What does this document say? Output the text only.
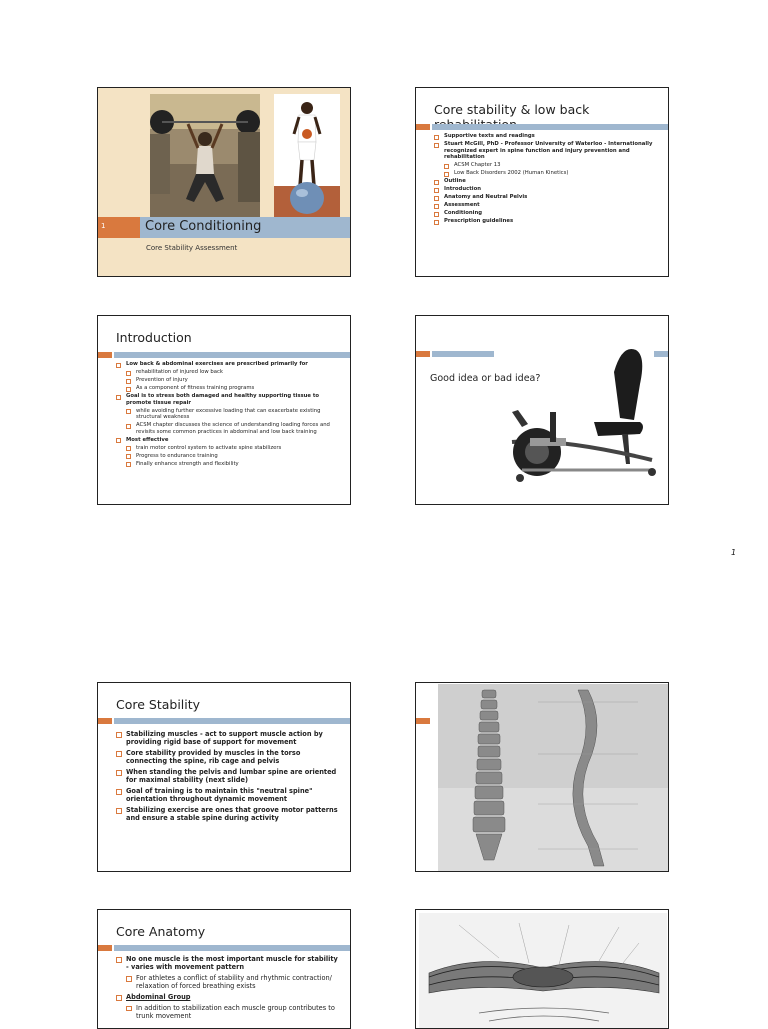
1	Core Conditioning
Core Stability Assessment
Core stability & low back
Supportive texts and readings
Stuart McGill, PhD - Professor University of Waterloo - Internationally recognized expert in spine function and injury prevention and rehabilitation
ACSM Chapter 13
Low Back Disorders 2002 (Human Kinetics)
Outline
Introduction
Anatomy and Neutral Pelvis
Assessment
Conditioning
Prescription guidelines
Introduction
Low back & abdominal exercises are prescribed primarily for
rehabilitation of injured low back
Prevention of injury
As a component of fitness training programs
Goal is to stress both damaged and healthy supporting tissue to promote tissue repair
while avoiding further excessive loading that can exacerbate existing structural weakness
ACSM chapter discusses the science of understanding loading forces and revisits some common practices in abdominal and low back training
Most effective
train motor control system to activate spine stabilizers
Progress to endurance training
Finally enhance strength and flexibility
Good idea or bad idea?
1
Core Stability
Stabilizing muscles - act to support muscle action by providing rigid base of support for movement
Core stability provided by muscles in the torso connecting the spine, rib cage and pelvis
When standing the pelvis and lumbar spine are oriented for maximal stability (next slide)
Goal of training is to maintain this "neutral spine" orientation throughout dynamic movement
Stabilizing exercise are ones that groove motor patterns and ensure a stable spine during activity
Core Anatomy
No one muscle is the most important muscle for stability - varies with movement pattern
For athletes a conflict of stability and rhythmic contraction/ relaxation of forced breathing exists
Abdominal Group
In addition to stabilization each muscle group contributes to trunk movement
